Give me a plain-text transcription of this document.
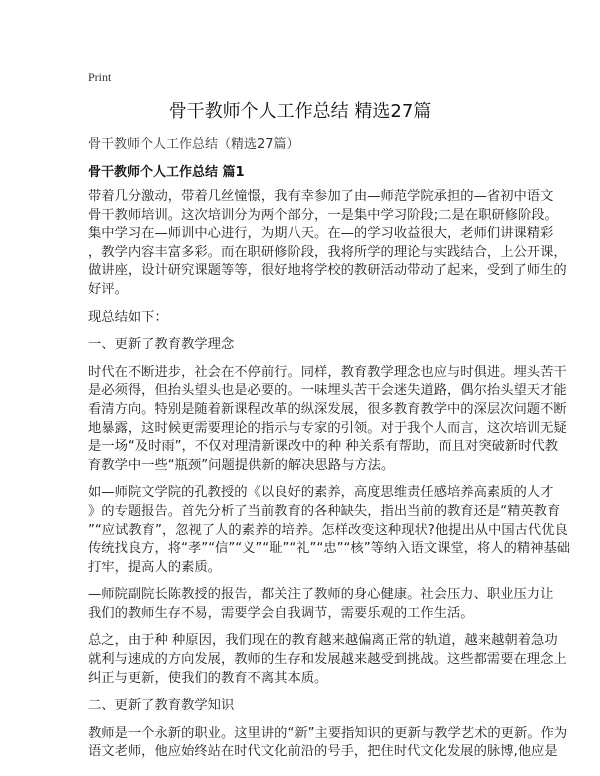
Print
骨干教师个人工作总结 精选27篇
骨干教师个人工作总结（精选27篇）
骨干教师个人工作总结 篇1
带着几分激动，带着几丝憧憬，我有幸参加了由—师范学院承担的—省初中语文
骨干教师培训。这次培训分为两个部分，一是集中学习阶段;二是在职研修阶段。
集中学习在—师训中心进行，为期八天。在—的学习收益很大，老师们讲课精彩
，教学内容丰富多彩。而在职研修阶段，我将所学的理论与实践结合，上公开课，
做讲座，设计研究课题等等，很好地将学校的教研活动带动了起来，受到了师生的
好评。
现总结如下：
一、更新了教育教学理念
时代在不断进步，社会在不停前行。同样，教育教学理念也应与时俱进。埋头苦干
是必须得，但抬头望头也是必要的。一味埋头苦干会迷失道路，偶尔抬头望天才能
看清方向。特别是随着新课程改革的纵深发展，很多教育教学中的深层次问题不断
地暴露，这时候更需要理论的指示与专家的引领。对于我个人而言，这次培训无疑
是一场“及时雨”，不仅对理清新课改中的种 种关系有帮助，而且对突破新时代教
育教学中一些“瓶颈”问题提供新的解决思路与方法。
如—师院文学院的孔教授的《以良好的素养，高度思维责任感培养高素质的人才
》的专题报告。首先分析了当前教育的各种缺失，指出当前的教育还是“精英教育
”“应试教育”，忽视了人的素养的培养。怎样改变这种现状?他提出从中国古代优良
传统找良方，将“孝”“信”“义”“耻”“礼”“忠”“核”等纳入语文课堂，将人的精神基础
打牢，提高人的素质。
—师院副院长陈教授的报告，都关注了教师的身心健康。社会压力、职业压力让
我们的教师生存不易，需要学会自我调节，需要乐观的工作生活。
总之，由于种 种原因，我们现在的教育越来越偏离正常的轨道，越来越朝着急功
就利与速成的方向发展，教师的生存和发展越来越受到挑战。这些都需要在理念上
纠正与更新，使我们的教育不离其本质。
二、更新了教育教学知识
教师是一个永新的职业。这里讲的“新”主要指知识的更新与教学艺术的更新。作为
语文老师，他应始终站在时代文化前沿的号手，把住时代文化发展的脉博,他应是
